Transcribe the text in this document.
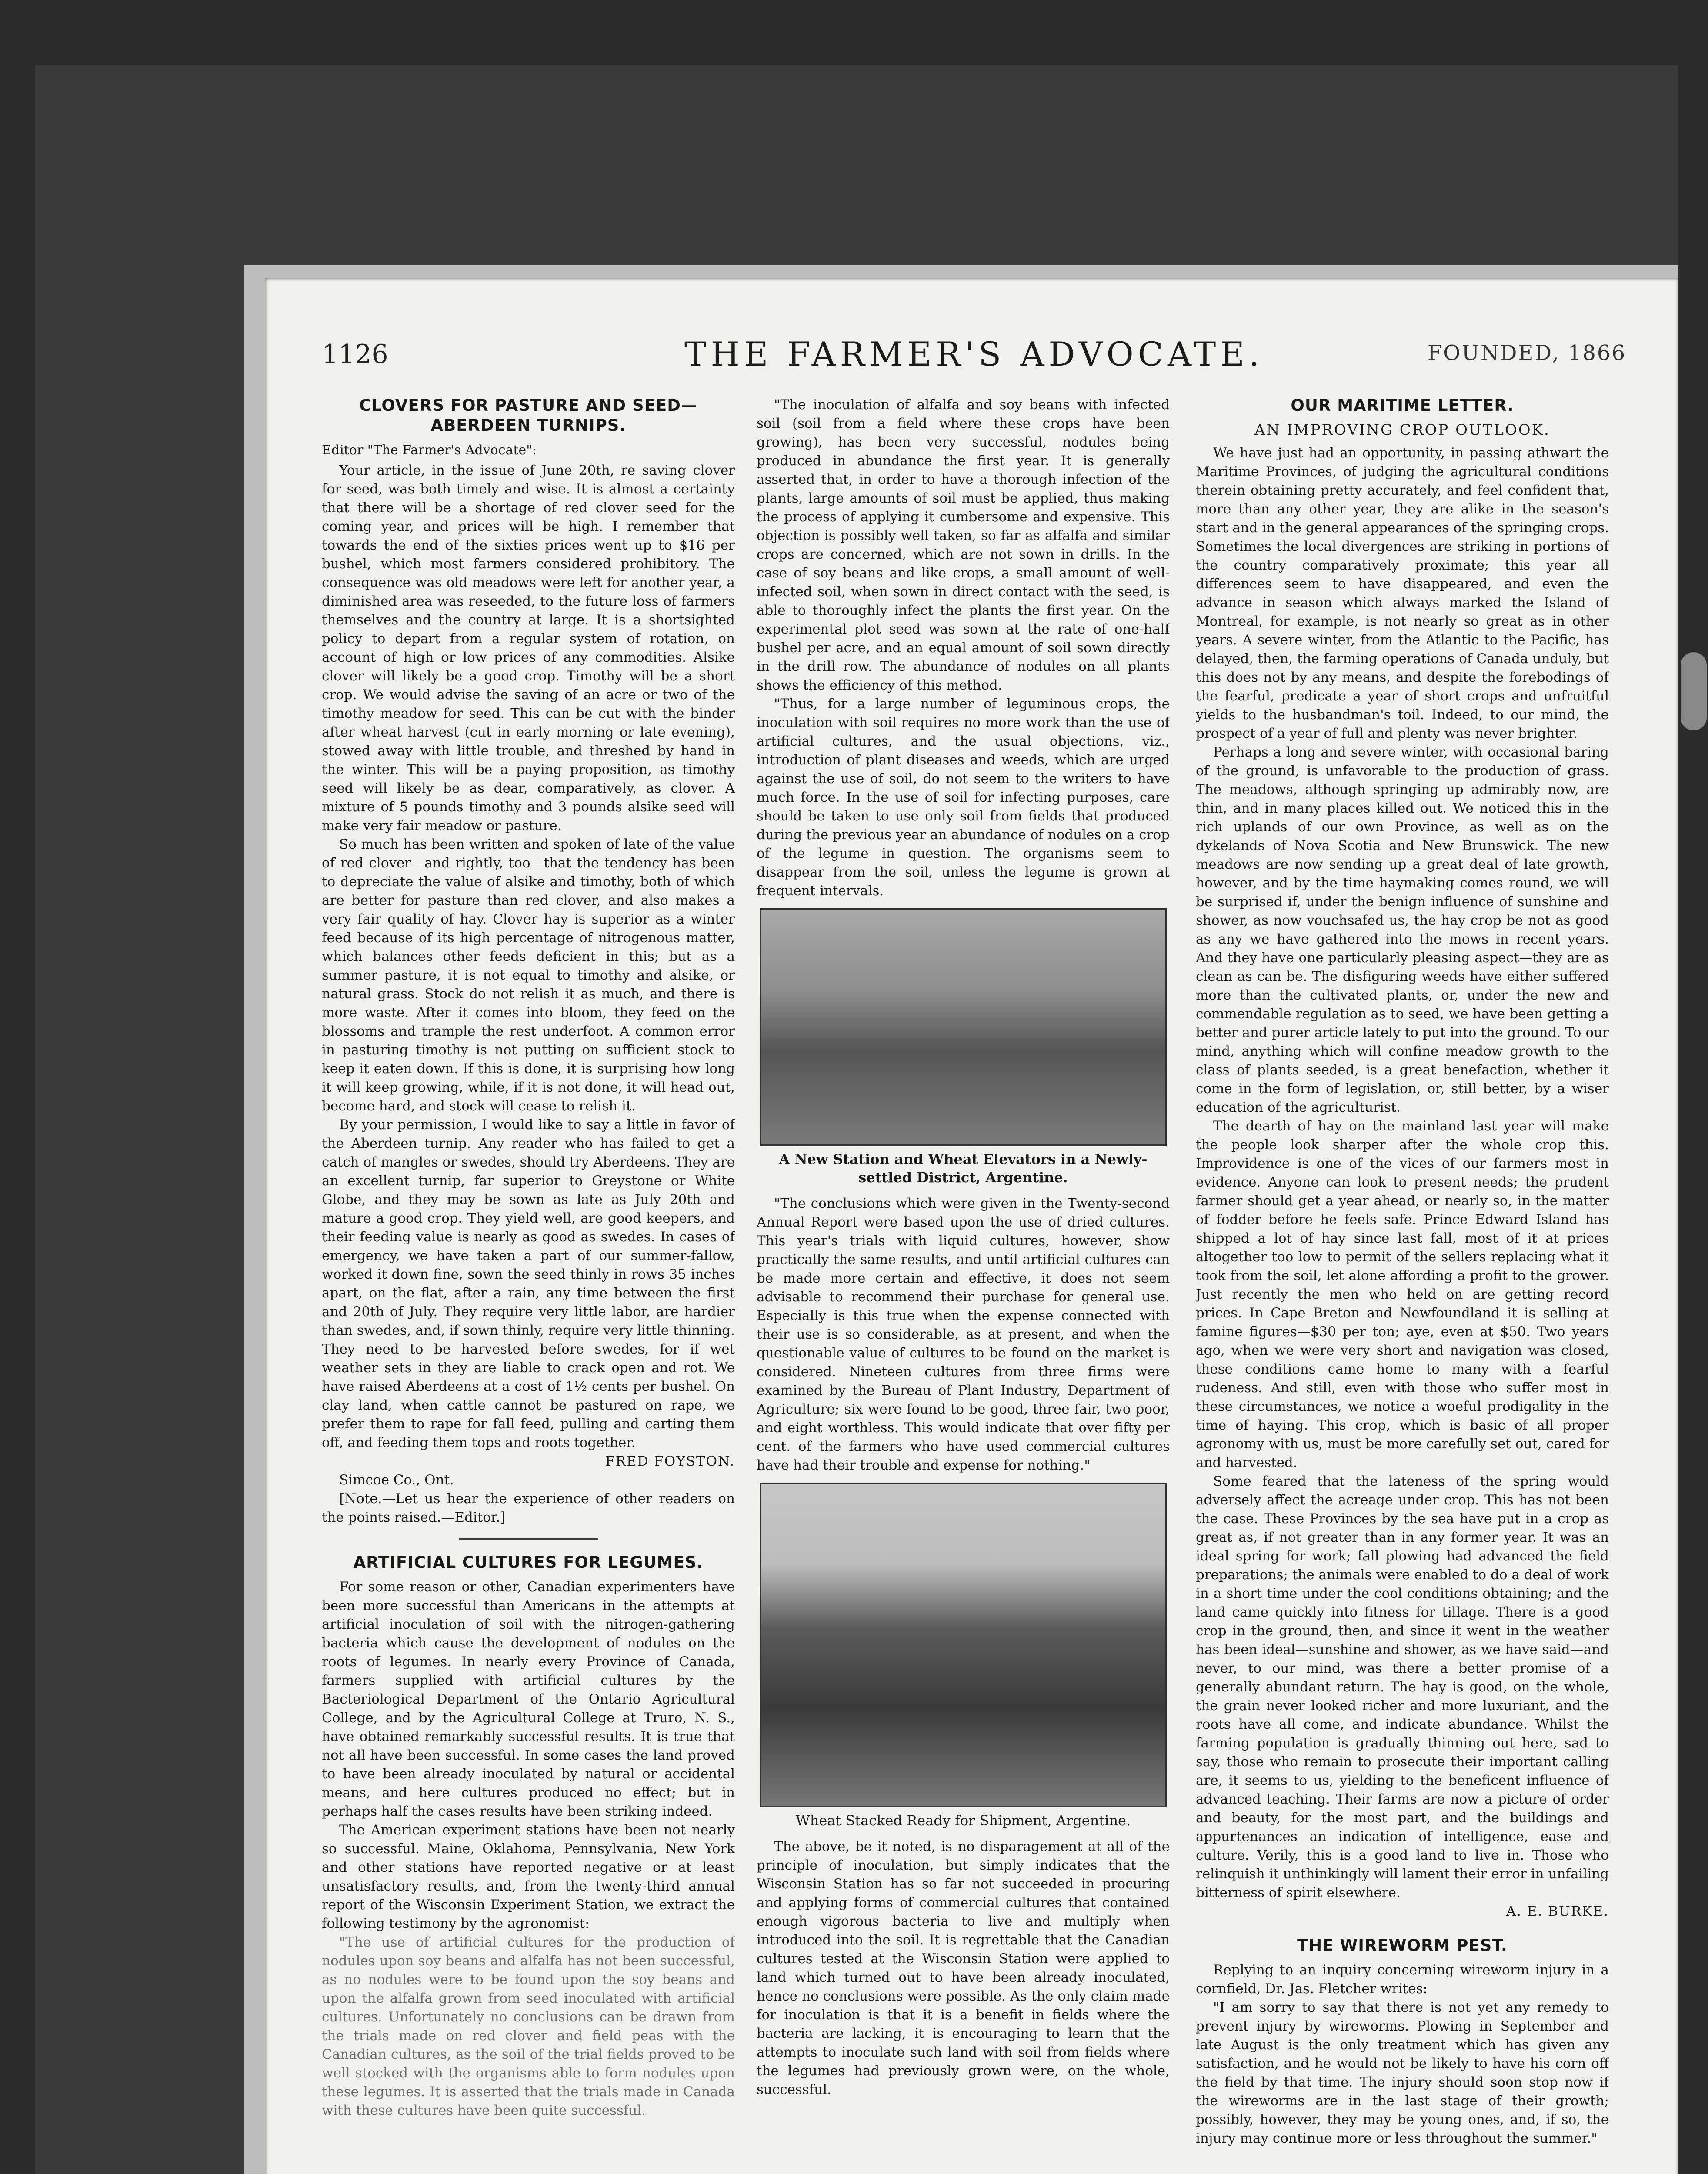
1126	THE FARMER'S ADVOCATE.	FOUNDED, 1866
CLOVERS FOR PASTURE AND SEED—ABERDEEN TURNIPS.
Editor "The Farmer's Advocate":

Your article, in the issue of June 20th, re saving clover for seed, was both timely and wise. It is almost a certainty that there will be a shortage of red clover seed for the coming year, and prices will be high. I remember that towards the end of the sixties prices went up to $16 per bushel, which most farmers considered prohibitory. The consequence was old meadows were left for another year, a diminished area was reseeded, to the future loss of farmers themselves and the country at large. It is a shortsighted policy to depart from a regular system of rotation, on account of high or low prices of any commodities. Alsike clover will likely be a good crop. Timothy will be a short crop. We would advise the saving of an acre or two of the timothy meadow for seed. This can be cut with the binder after wheat harvest (cut in early morning or late evening), stowed away with little trouble, and threshed by hand in the winter. This will be a paying proposition, as timothy seed will likely be as dear, comparatively, as clover. A mixture of 5 pounds timothy and 3 pounds alsike seed will make very fair meadow or pasture.

So much has been written and spoken of late of the value of red clover—and rightly, too—that the tendency has been to depreciate the value of alsike and timothy, both of which are better for pasture than red clover, and also makes a very fair quality of hay. Clover hay is superior as a winter feed because of its high percentage of nitrogenous matter, which balances other feeds deficient in this; but as a summer pasture, it is not equal to timothy and alsike, or natural grass. Stock do not relish it as much, and there is more waste. After it comes into bloom, they feed on the blossoms and trample the rest underfoot. A common error in pasturing timothy is not putting on sufficient stock to keep it eaten down. If this is done, it is surprising how long it will keep growing, while, if it is not done, it will head out, become hard, and stock will cease to relish it.

By your permission, I would like to say a little in favor of the Aberdeen turnip. Any reader who has failed to get a catch of mangles or swedes, should try Aberdeens. They are an excellent turnip, far superior to Greystone or White Globe, and they may be sown as late as July 20th and mature a good crop. They yield well, are good keepers, and their feeding value is nearly as good as swedes. In cases of emergency, we have taken a part of our summer-fallow, worked it down fine, sown the seed thinly in rows 35 inches apart, on the flat, after a rain, any time between the first and 20th of July. They require very little labor, are hardier than swedes, and, if sown thinly, require very little thinning. They need to be harvested before swedes, for if wet weather sets in they are liable to crack open and rot. We have raised Aberdeens at a cost of 1½ cents per bushel. On clay land, when cattle cannot be pastured on rape, we prefer them to rape for fall feed, pulling and carting them off, and feeding them tops and roots together.

FRED FOYSTON.
Simcoe Co., Ont.
[Note.—Let us hear the experience of other readers on the points raised.—Editor.]
ARTIFICIAL CULTURES FOR LEGUMES.

For some reason or other, Canadian experimenters have been more successful than Americans in the attempts at artificial inoculation of soil with the nitrogen-gathering bacteria which cause the development of nodules on the roots of legumes. In nearly every Province of Canada, farmers supplied with artificial cultures by the Bacteriological Department of the Ontario Agricultural College, and by the Agricultural College at Truro, N. S., have obtained remarkably successful results. It is true that not all have been successful. In some cases the land proved to have been already inoculated by natural or accidental means, and here cultures produced no effect; but in perhaps half the cases results have been striking indeed.

The American experiment stations have been not nearly so successful. Maine, Oklahoma, Pennsylvania, New York and other stations have reported negative or at least unsatisfactory results, and, from the twenty-third annual report of the Wisconsin Experiment Station, we extract the following testimony by the agronomist:

"The use of artificial cultures for the production of nodules upon soy beans and alfalfa has not been successful, as no nodules were to be found upon the soy beans and upon the alfalfa grown from seed inoculated with artificial cultures. Unfortunately no conclusions can be drawn from the trials made on red clover and field peas with the Canadian cultures, as the soil of the trial fields proved to be well stocked with the organisms able to form nodules upon these legumes. It is asserted that the trials made in Canada with these cultures have been quite successful.

"The inoculation of alfalfa and soy beans with infected soil (soil from a field where these crops have been growing), has been very successful, nodules being produced in abundance the first year. It is generally asserted that, in order to have a thorough infection of the plants, large amounts of soil must be applied, thus making the process of applying it cumbersome and expensive. This objection is possibly well taken, so far as alfalfa and similar crops are concerned, which are not sown in drills. In the case of soy beans and like crops, a small amount of well-infected soil, when sown in direct contact with the seed, is able to thoroughly infect the plants the first year. On the experimental plot seed was sown at the rate of one-half bushel per acre, and an equal amount of soil sown directly in the drill row. The abundance of nodules on all plants shows the efficiency of this method.

"Thus, for a large number of leguminous crops, the inoculation with soil requires no more work than the use of artificial cultures, and the usual objections, viz., introduction of plant diseases and weeds, which are urged against the use of soil, do not seem to the writers to have much force. In the use of soil for infecting purposes, care should be taken to use only soil from fields that produced during the previous year an abundance of nodules on a crop of the legume in question. The organisms seem to disappear from the soil, unless the legume is grown at frequent intervals.

A New Station and Wheat Elevators in a Newly-settled District, Argentine.

"The conclusions which were given in the Twenty-second Annual Report were based upon the use of dried cultures. This year's trials with liquid cultures, however, show practically the same results, and until artificial cultures can be made more certain and effective, it does not seem advisable to recommend their purchase for general use. Especially is this true when the expense connected with their use is so considerable, as at present, and when the questionable value of cultures to be found on the market is considered. Nineteen cultures from three firms were examined by the Bureau of Plant Industry, Department of Agriculture; six were found to be good, three fair, two poor, and eight worthless. This would indicate that over fifty per cent. of the farmers who have used commercial cultures have had their trouble and expense for nothing."

Wheat Stacked Ready for Shipment, Argentine.

The above, be it noted, is no disparagement at all of the principle of inoculation, but simply indicates that the Wisconsin Station has so far not succeeded in procuring and applying forms of commercial cultures that contained enough vigorous bacteria to live and multiply when introduced into the soil. It is regrettable that the Canadian cultures tested at the Wisconsin Station were applied to land which turned out to have been already inoculated, hence no conclusions were possible. As the only claim made for inoculation is that it is a benefit in fields where the bacteria are lacking, it is encouraging to learn that the attempts to inoculate such land with soil from fields where the legumes had previously grown were, on the whole, successful.

OUR MARITIME LETTER.
AN IMPROVING CROP OUTLOOK.

We have just had an opportunity, in passing athwart the Maritime Provinces, of judging the agricultural conditions therein obtaining pretty accurately, and feel confident that, more than any other year, they are alike in the season's start and in the general appearances of the springing crops. Sometimes the local divergences are striking in portions of the country comparatively proximate; this year all differences seem to have disappeared, and even the advance in season which always marked the Island of Montreal, for example, is not nearly so great as in other years. A severe winter, from the Atlantic to the Pacific, has delayed, then, the farming operations of Canada unduly, but this does not by any means, and despite the forebodings of the fearful, predicate a year of short crops and unfruitful yields to the husbandman's toil. Indeed, to our mind, the prospect of a year of full and plenty was never brighter.

Perhaps a long and severe winter, with occasional baring of the ground, is unfavorable to the production of grass. The meadows, although springing up admirably now, are thin, and in many places killed out. We noticed this in the rich uplands of our own Province, as well as on the dykelands of Nova Scotia and New Brunswick. The new meadows are now sending up a great deal of late growth, however, and by the time haymaking comes round, we will be surprised if, under the benign influence of sunshine and shower, as now vouchsafed us, the hay crop be not as good as any we have gathered into the mows in recent years. And they have one particularly pleasing aspect—they are as clean as can be. The disfiguring weeds have either suffered more than the cultivated plants, or, under the new and commendable regulation as to seed, we have been getting a better and purer article lately to put into the ground. To our mind, anything which will confine meadow growth to the class of plants seeded, is a great benefaction, whether it come in the form of legislation, or, still better, by a wiser education of the agriculturist.

The dearth of hay on the mainland last year will make the people look sharper after the whole crop this. Improvidence is one of the vices of our farmers most in evidence. Anyone can look to present needs; the prudent farmer should get a year ahead, or nearly so, in the matter of fodder before he feels safe. Prince Edward Island has shipped a lot of hay since last fall, most of it at prices altogether too low to permit of the sellers replacing what it took from the soil, let alone affording a profit to the grower. Just recently the men who held on are getting record prices. In Cape Breton and Newfoundland it is selling at famine figures—$30 per ton; aye, even at $50. Two years ago, when we were very short and navigation was closed, these conditions came home to many with a fearful rudeness. And still, even with those who suffer most in these circumstances, we notice a woeful prodigality in the time of haying. This crop, which is basic of all proper agronomy with us, must be more carefully set out, cared for and harvested.

Some feared that the lateness of the spring would adversely affect the acreage under crop. This has not been the case. These Provinces by the sea have put in a crop as great as, if not greater than in any former year. It was an ideal spring for work; fall plowing had advanced the field preparations; the animals were enabled to do a deal of work in a short time under the cool conditions obtaining; and the land came quickly into fitness for tillage. There is a good crop in the ground, then, and since it went in the weather has been ideal—sunshine and shower, as we have said—and never, to our mind, was there a better promise of a generally abundant return. The hay is good, on the whole, the grain never looked richer and more luxuriant, and the roots have all come, and indicate abundance. Whilst the farming population is gradually thinning out here, sad to say, those who remain to prosecute their important calling are, it seems to us, yielding to the beneficent influence of advanced teaching. Their farms are now a picture of order and beauty, for the most part, and the buildings and appurtenances an indication of intelligence, ease and culture. Verily, this is a good land to live in. Those who relinquish it unthinkingly will lament their error in unfailing bitterness of spirit elsewhere.

A. E. BURKE.
THE WIREWORM PEST.

Replying to an inquiry concerning wireworm injury in a cornfield, Dr. Jas. Fletcher writes:

"I am sorry to say that there is not yet any remedy to prevent injury by wireworms. Plowing in September and late August is the only treatment which has given any satisfaction, and he would not be likely to have his corn off the field by that time. The injury should soon stop now if the wireworms are in the last stage of their growth; possibly, however, they may be young ones, and, if so, the injury may continue more or less throughout the summer."
